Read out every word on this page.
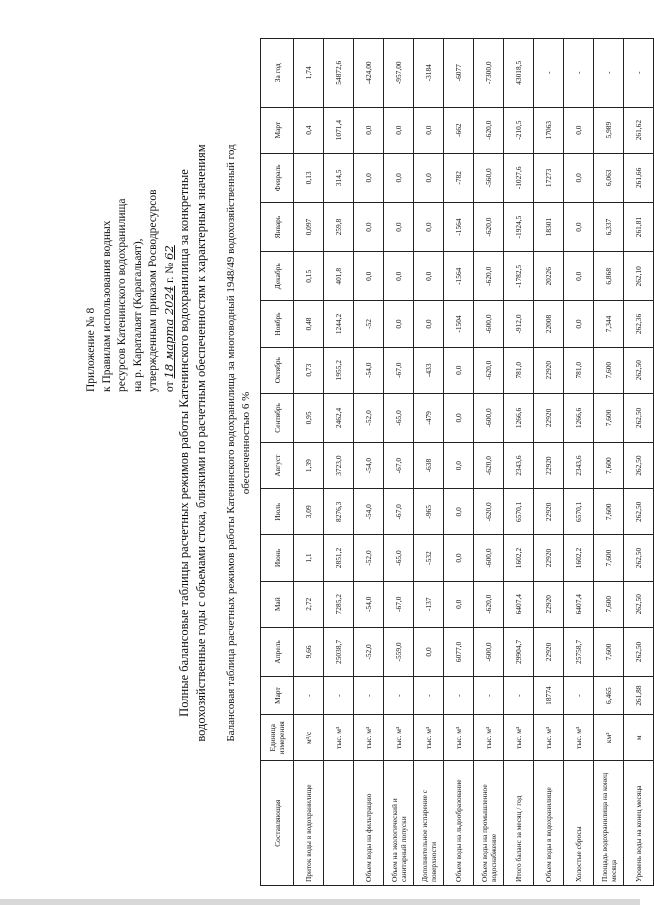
Приложение № 8 к Правилам использования водных ресурсов Катенинского водохранилища на р. Караталаят (Карагальаят), утвержденным приказом Росводресурсов от 18 марта 2024 г. № 62 Полные балансовые таблицы расчетных режимов работы Катенинского водохранилища за конкретные водохозяйственные годы с объемами стока, близкими по расчетным обеспеченностям к характерным значениям Балансовая таблица расчетных режимов работы Катенинского водохранилища за многоводный 1948/49 водохозяйственный год обеспеченностью 6 %
Составляющая	Единица измерения	Март	Апрель	Май	Июнь	Июль	Август	Сентябрь	Октябрь	Ноябрь	Декабрь	Январь	Февраль	Март	За год
Приток воды в водохранилище	м³/с	-	9,66	2,72	1,1	3,09	1,39	0,95	0,73	0,48	0,15	0,097	0,13	0,4	1,74
	тыс. м³	-	25038,7	7285,2	2851,2	8276,3	3723,0	2462,4	1955,2	1244,2	401,8	259,8	314,5	1071,4	54872,6
Объем воды на фильтрацию	тыс. м³	-	-52,0	-54,0	-52,0	-54,0	-54,0	-52,0	-54,0	-52	0,0	0,0	0,0	0,0	-424,00
Объем на экологический и санитарный попуски	тыс. м³	-	-559,0	-67,0	-65,0	-67,0	-67,0	-65,0	-67,0	0,0	0,0	0,0	0,0	0,0	-957,00
Дополнительное испарение с поверхности	тыс. м³	-	0,0	-137	-532	-965	-638	-479	-433	0,0	0,0	0,0	0,0	0,0	-3184
Объем воды на льдообразование	тыс. м³	-	6077,0	0,0	0,0	0,0	0,0	0,0	0,0	-1504	-1564	-1564	-782	-662	-6077
Объем воды на промышленное водоснабжение	тыс. м³	-	-600,0	-620,0	-600,0	-620,0	-620,0	-600,0	-620,0	-600,0	-620,0	-620,0	-560,0	-620,0	-7300,0
Итого баланс за месяц / год	тыс. м³	-	29904,7	6407,4	1602,2	6570,1	2343,6	1266,6	781,0	-912,0	-1782,5	-1924,5	-1027,6	-210,5	43018,5
Объем воды в водохранилище	тыс. м³	18774	22920	22920	22920	22920	22920	22920	22920	22008	20226	18301	17273	17063	-
Холостые сбросы	тыс. м³	-	25758,7	6407,4	1602,2	6570,1	2343,6	1266,6	781,0	0,0	0,0	0,0	0,0	0,0	-
Площадь водохранилища на конец месяца	км²	6,465	7,600	7,600	7,600	7,600	7,600	7,600	7,600	7,344	6,868	6,337	6,063	5,989	-
Уровень воды на конец месяца	м	261,88	262,50	262,50	262,50	262,50	262,50	262,50	262,50	262,36	262,10	261,81	261,66	261,62	-
